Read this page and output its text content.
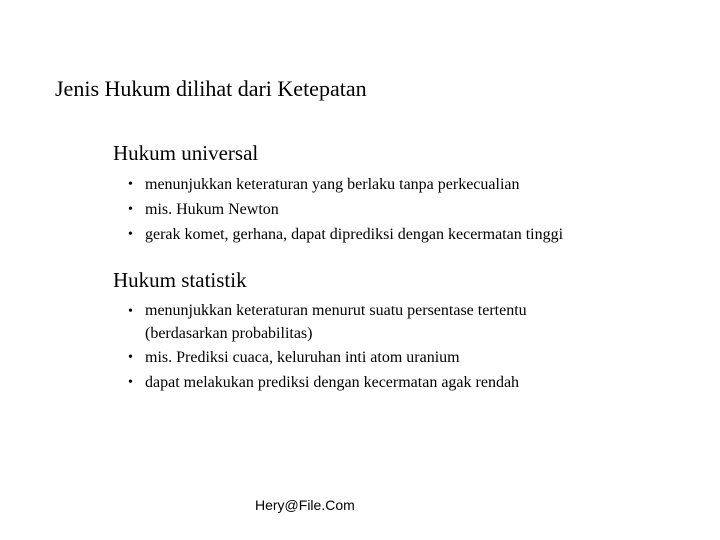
Jenis Hukum dilihat dari Ketepatan
Hukum universal
• menunjukkan keteraturan yang berlaku tanpa perkecualian
• mis. Hukum Newton
• gerak komet, gerhana, dapat diprediksi dengan kecermatan tinggi
Hukum statistik
• menunjukkan keteraturan menurut suatu persentase tertentu (berdasarkan probabilitas)
• mis. Prediksi cuaca, keluruhan inti atom uranium
• dapat melakukan prediksi dengan kecermatan agak rendah
Hery@File.Com
